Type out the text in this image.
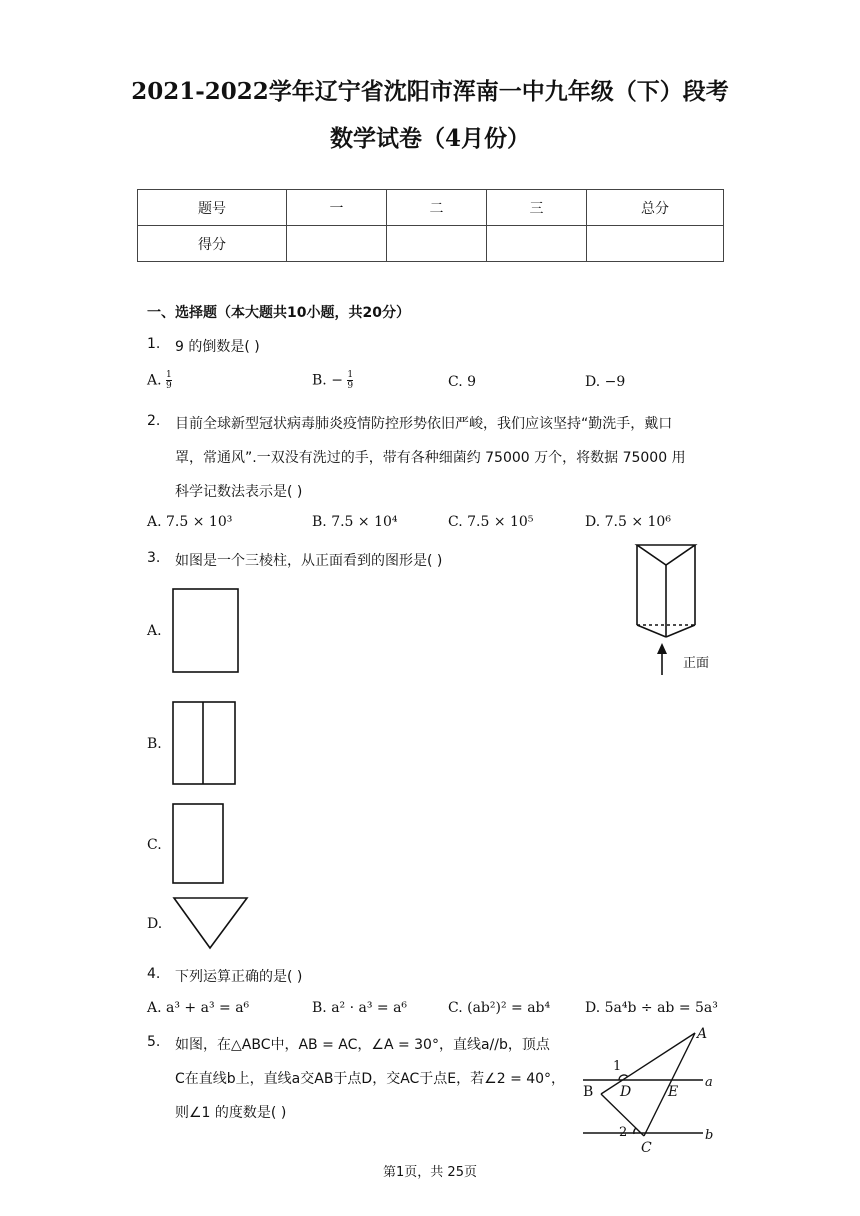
2021-2022学年辽宁省沈阳市浑南一中九年级（下）段考
数学试卷（4月份）
题号	一	二	三	总分
得分				
一、选择题（本大题共10小题，共20分）
1. 9 的倒数是( )
A. $\frac{1}{9}$	B. − $\frac{1}{9}$	C. 9	D. −9
2. 目前全球新型冠状病毒肺炎疫情防控形势依旧严峻，我们应该坚持“勤洗手，戴口
罩，常通风”.一双没有洗过的手，带有各种细菌约 75000 万个，将数据 75000 用
科学记数法表示是( )
A. 7.5 × 10³	B. 7.5 × 10⁴	C. 7.5 × 10⁵	D. 7.5 × 10⁶
3. 如图是一个三棱柱，从正面看到的图形是( )
正面
A.
B.
C.
D.
4. 下列运算正确的是( )
A. a³ + a³ = a⁶	B. a² · a³ = a⁶	C. (ab²)² = ab⁴ D. 5a⁴b ÷ ab = 5a³
5. 如图，在△ABC中，AB = AC，∠A = 30°，直线a//b，顶点
C在直线b上，直线a交AB于点D，交AC于点E，若∠2 = 40°，
则∠1 的度数是( )
A
B
C
D	E
a
b
1
2
第1页，共 25页
